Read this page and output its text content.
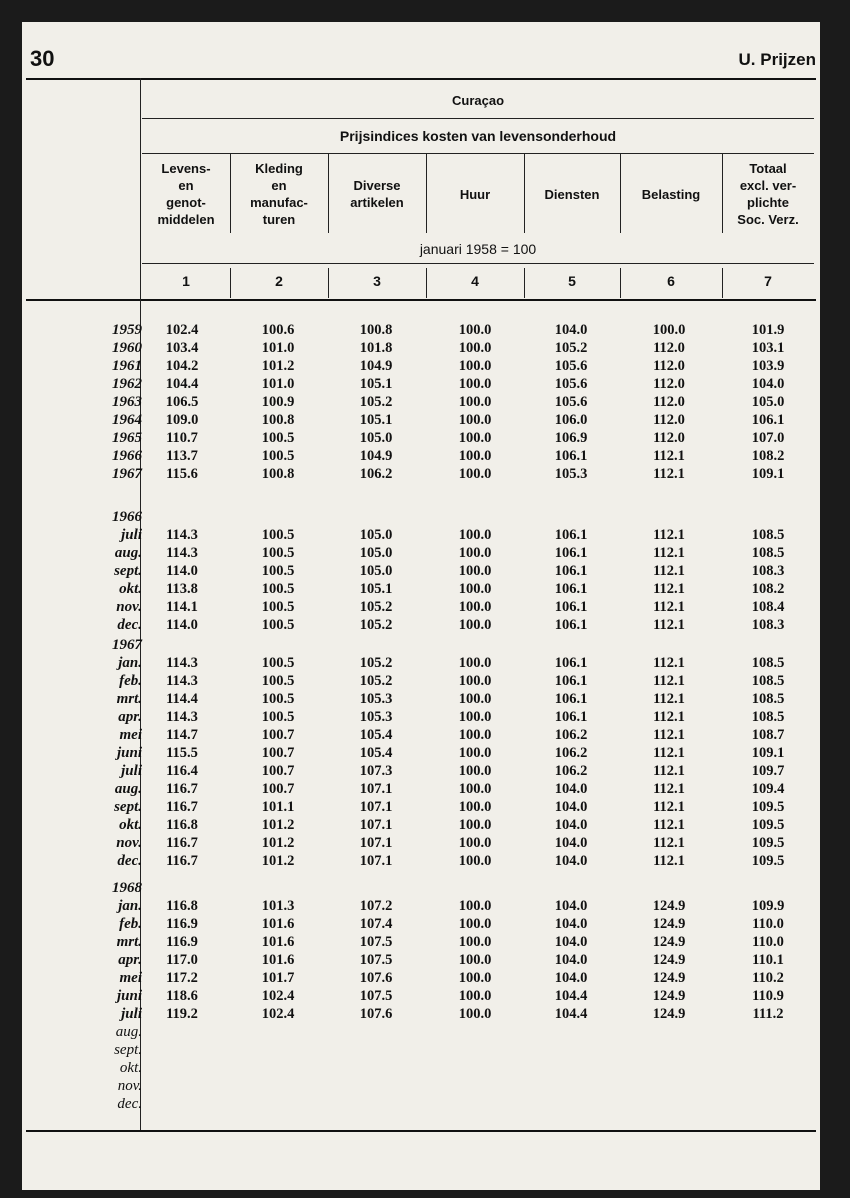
30	U. Prijzen
Curaçao
Prijsindices kosten van levensonderhoud
januari 1958 = 100
Levens-
en
genot-
middelen
Kleding
en
manufac-
turen
Diverse
artikelen
Huur	Diensten	Belasting
Totaal
excl. ver-
plichte
Soc. Verz.
1	2	3	4	5	6	7
1959	102.4	100.6	100.8	100.0	104.0	100.0	101.9
1960	103.4	101.0	101.8	100.0	105.2	112.0	103.1
1961	104.2	101.2	104.9	100.0	105.6	112.0	103.9
1962	104.4	101.0	105.1	100.0	105.6	112.0	104.0
1963	106.5	100.9	105.2	100.0	105.6	112.0	105.0
1964	109.0	100.8	105.1	100.0	106.0	112.0	106.1
1965	110.7	100.5	105.0	100.0	106.9	112.0	107.0
1966	113.7	100.5	104.9	100.0	106.1	112.1	108.2
1967	115.6	100.8	106.2	100.0	105.3	112.1	109.1
1966
juli	114.3	100.5	105.0	100.0	106.1	112.1	108.5
aug.	114.3	100.5	105.0	100.0	106.1	112.1	108.5
sept.	114.0	100.5	105.0	100.0	106.1	112.1	108.3
okt.	113.8	100.5	105.1	100.0	106.1	112.1	108.2
nov.	114.1	100.5	105.2	100.0	106.1	112.1	108.4
dec.	114.0	100.5	105.2	100.0	106.1	112.1	108.3
1967
jan.	114.3	100.5	105.2	100.0	106.1	112.1	108.5
feb.	114.3	100.5	105.2	100.0	106.1	112.1	108.5
mrt.	114.4	100.5	105.3	100.0	106.1	112.1	108.5
apr.	114.3	100.5	105.3	100.0	106.1	112.1	108.5
mei	114.7	100.7	105.4	100.0	106.2	112.1	108.7
juni	115.5	100.7	105.4	100.0	106.2	112.1	109.1
juli	116.4	100.7	107.3	100.0	106.2	112.1	109.7
aug.	116.7	100.7	107.1	100.0	104.0	112.1	109.4
sept.	116.7	101.1	107.1	100.0	104.0	112.1	109.5
okt.	116.8	101.2	107.1	100.0	104.0	112.1	109.5
nov.	116.7	101.2	107.1	100.0	104.0	112.1	109.5
dec.	116.7	101.2	107.1	100.0	104.0	112.1	109.5
1968
jan.	116.8	101.3	107.2	100.0	104.0	124.9	109.9
feb.	116.9	101.6	107.4	100.0	104.0	124.9	110.0
mrt.	116.9	101.6	107.5	100.0	104.0	124.9	110.0
apr.	117.0	101.6	107.5	100.0	104.0	124.9	110.1
mei	117.2	101.7	107.6	100.0	104.0	124.9	110.2
juni	118.6	102.4	107.5	100.0	104.4	124.9	110.9
juli	119.2	102.4	107.6	100.0	104.4	124.9	111.2
aug.
sept.
okt.
nov.
dec.
